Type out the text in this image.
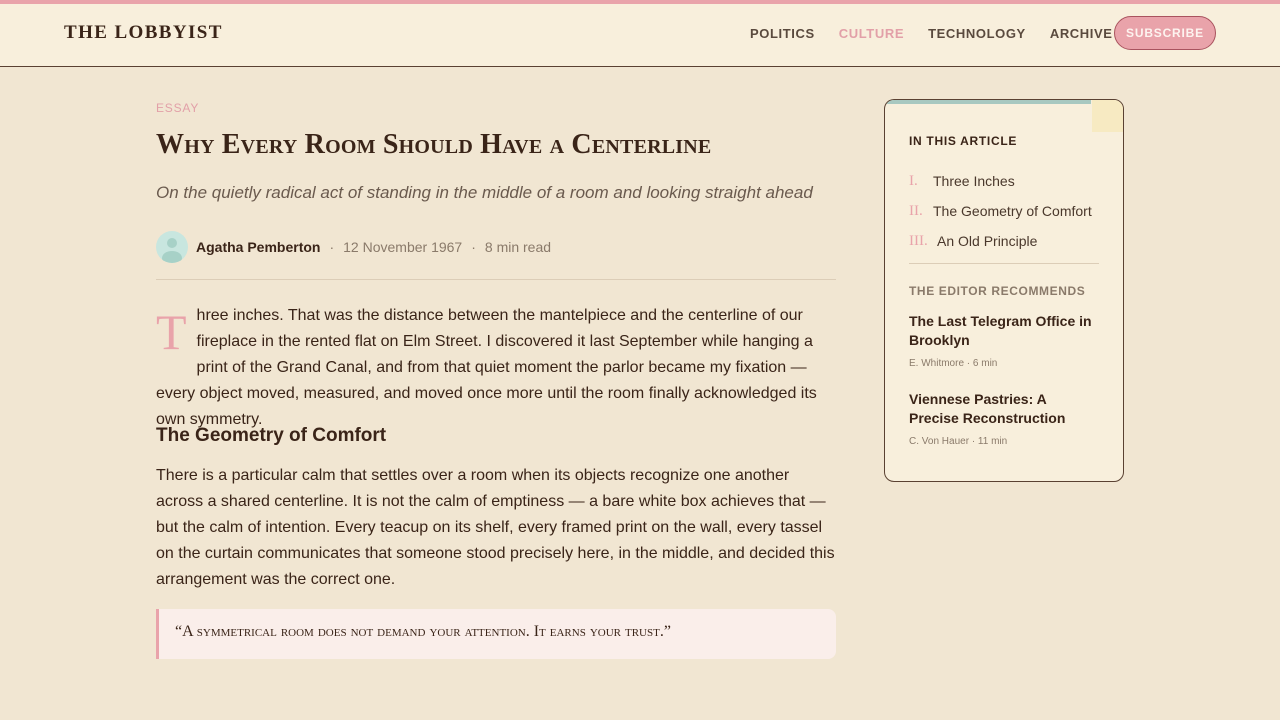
THE LOBBYIST	POLITICS CULTURE TECHNOLOGY ARCHIVE	SUBSCRIBE
ESSAY
Why Every Room Should Have a Centerline

On the quietly radical act of standing in the middle of a room and looking straight ahead

Agatha Pemberton · 12 November 1967 · 8 min read

Three inches. That was the distance between the mantelpiece and the centerline of our fireplace in the rented flat on Elm Street. I discovered it last September while hanging a print of the Grand Canal, and from that quiet moment the parlor became my fixation — every object moved, measured, and moved once more until the room finally acknowledged its own symmetry.

The Geometry of Comfort

There is a particular calm that settles over a room when its objects recognize one another across a shared centerline. It is not the calm of emptiness — a bare white box achieves that — but the calm of intention. Every teacup on its shelf, every framed print on the wall, every tassel on the curtain communicates that someone stood precisely here, in the middle, and decided this arrangement was the correct one.

“A symmetrical room does not demand your attention. It earns your trust.”
IN THIS ARTICLE
I.	Three Inches
II. The Geometry of Comfort
III. An Old Principle
THE EDITOR RECOMMENDS
The Last Telegram Office in Brooklyn
E. Whitmore · 6 min
Viennese Pastries: A Precise Reconstruction
C. Von Hauer · 11 min
